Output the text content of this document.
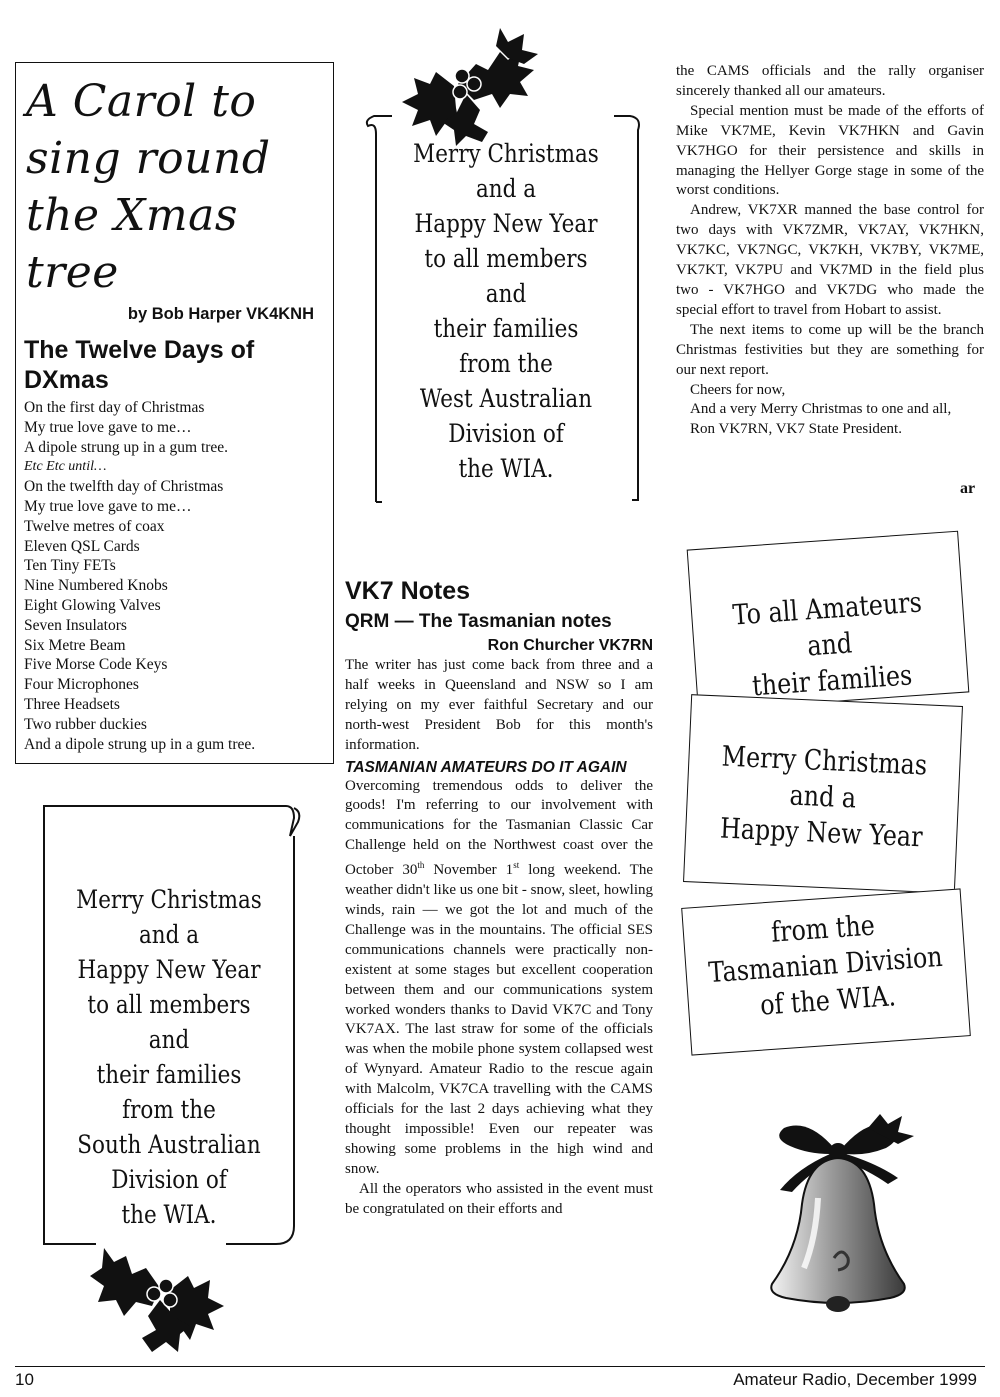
A Carol to

sing round

the Xmas

tree

by Bob Harper VK4KNH
The Twelve Days of DXmas
On the first day of Christmas
My true love gave to me…
A dipole strung up in a gum tree.
Etc Etc until…
On the twelfth day of Christmas
My true love gave to me…
Twelve metres of coax
Eleven QSL Cards
Ten Tiny FETs
Nine Numbered Knobs
Eight Glowing Valves
Seven Insulators
Six Metre Beam
Five Morse Code Keys
Four Microphones
Three Headsets
Two rubber duckies
And a dipole strung up in a gum tree.
Merry Christmas
and a
Happy New Year
to all members
and
their families
from the
West Australian
Division of
the WIA.

the CAMS officials and the rally organiser sincerely thanked all our amateurs.

Special mention must be made of the efforts of Mike VK7ME, Kevin VK7HKN and Gavin VK7HGO for their persistence and skills in managing the Hellyer Gorge stage in some of the worst conditions.

Andrew, VK7XR manned the base control for two days with VK7ZMR, VK7AY, VK7HKN, VK7KC, VK7NGC, VK7KH, VK7BY, VK7ME, VK7KT, VK7PU and VK7MD in the field plus two - VK7HGO and VK7DG who made the special effort to travel from Hobart to assist.

The next items to come up will be the branch Christmas festivities but they are something for our next report.

Cheers for now,

And a very Merry Christmas to one and all,

Ron VK7RN, VK7 State President.

ar
VK7 Notes
QRM — The Tasmanian notes
Ron Churcher VK7RN

The writer has just come back from three and a half weeks in Queensland and NSW so I am relying on my ever faithful Secretary and our north-west President Bob for this month's information.

TASMANIAN AMATEURS DO IT AGAIN

Overcoming tremendous odds to deliver the goods! I'm referring to our involvement with communications for the Tasmanian Classic Car Challenge held on the Northwest coast over the October 30th November 1st long weekend. The weather didn't like us one bit - snow, sleet, howling winds, rain — we got the lot and much of the Challenge was in the mountains. The official SES communications channels were practically non-existent at some stages but excellent cooperation between them and our communications system worked wonders thanks to David VK7C and Tony VK7AX. The last straw for some of the officials was when the mobile phone system collapsed west of Wynyard. Amateur Radio to the rescue again with Malcolm, VK7CA travelling with the CAMS officials for the last 2 days achieving what they thought impossible! Even our repeater was showing some problems in the high wind and snow.

All the operators who assisted in the event must be congratulated on their efforts and

Merry Christmas
and a
Happy New Year
to all members
and
their families
from the
South Australian
Division of
the WIA.
To all Amateurs
and
their families
Merry Christmas
and a
Happy New Year
from the
Tasmanian Division
of the WIA.
10	Amateur Radio, December 1999
